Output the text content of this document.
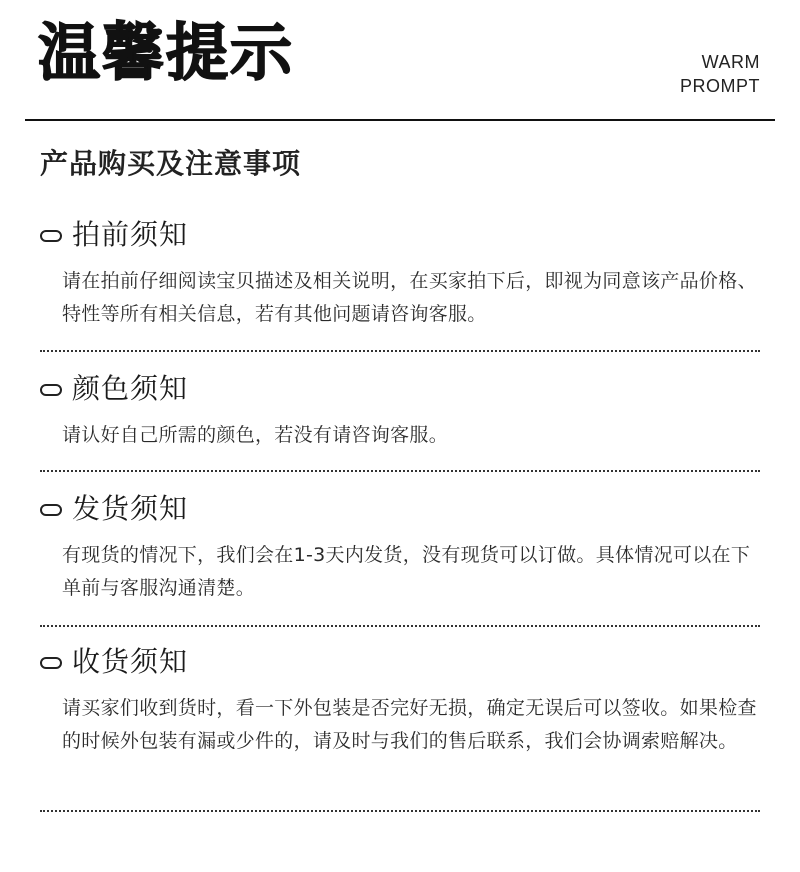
温馨提示	WARM
PROMPT
产品购买及注意事项
拍前须知

请在拍前仔细阅读宝贝描述及相关说明，在买家拍下后，即视为同意该产品价格、特性等所有相关信息，若有其他问题请咨询客服。

颜色须知

请认好自己所需的颜色，若没有请咨询客服。

发货须知

有现货的情况下，我们会在1-3天内发货，没有现货可以订做。具体情况可以在下单前与客服沟通清楚。

收货须知

请买家们收到货时，看一下外包装是否完好无损，确定无误后可以签收。如果检查的时候外包装有漏或少件的，请及时与我们的售后联系，我们会协调索赔解决。
